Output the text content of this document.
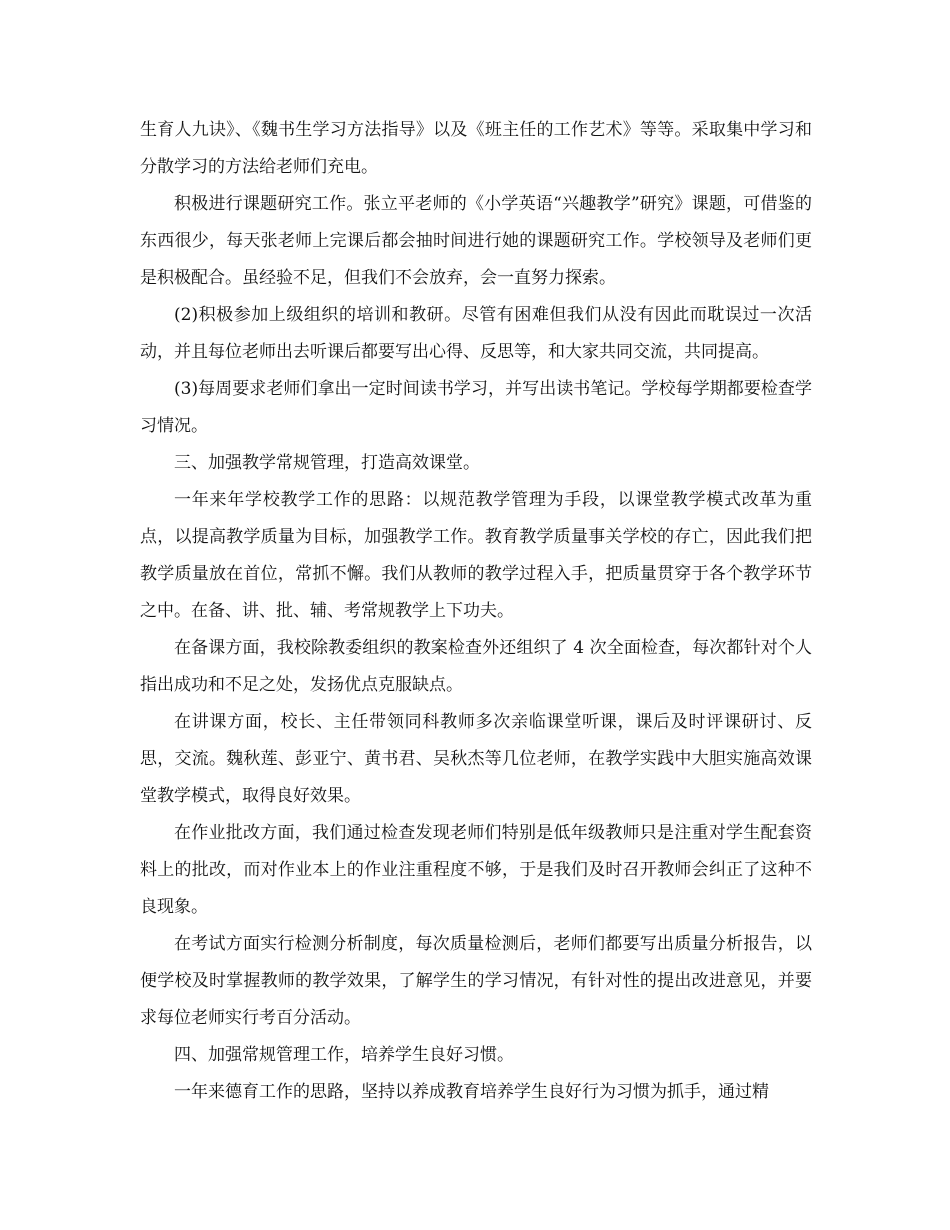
生育人九诀》、《魏书生学习方法指导》以及《班主任的工作艺术》等等。采取集中学习和分散学习的方法给老师们充电。

积极进行课题研究工作。张立平老师的《小学英语“兴趣教学”研究》课题，可借鉴的东西很少，每天张老师上完课后都会抽时间进行她的课题研究工作。学校领导及老师们更是积极配合。虽经验不足，但我们不会放弃，会一直努力探索。

(2)积极参加上级组织的培训和教研。尽管有困难但我们从没有因此而耽误过一次活动，并且每位老师出去听课后都要写出心得、反思等，和大家共同交流，共同提高。

(3)每周要求老师们拿出一定时间读书学习，并写出读书笔记。学校每学期都要检查学习情况。

三、加强教学常规管理，打造高效课堂。

一年来年学校教学工作的思路：以规范教学管理为手段，以课堂教学模式改革为重点，以提高教学质量为目标，加强教学工作。教育教学质量事关学校的存亡，因此我们把教学质量放在首位，常抓不懈。我们从教师的教学过程入手，把质量贯穿于各个教学环节之中。在备、讲、批、辅、考常规教学上下功夫。

在备课方面，我校除教委组织的教案检查外还组织了 4 次全面检查，每次都针对个人指出成功和不足之处，发扬优点克服缺点。

在讲课方面，校长、主任带领同科教师多次亲临课堂听课，课后及时评课研讨、反思，交流。魏秋莲、彭亚宁、黄书君、吴秋杰等几位老师，在教学实践中大胆实施高效课堂教学模式，取得良好效果。

在作业批改方面，我们通过检查发现老师们特别是低年级教师只是注重对学生配套资料上的批改，而对作业本上的作业注重程度不够，于是我们及时召开教师会纠正了这种不良现象。

在考试方面实行检测分析制度，每次质量检测后，老师们都要写出质量分析报告，以便学校及时掌握教师的教学效果，了解学生的学习情况，有针对性的提出改进意见，并要求每位老师实行考百分活动。

四、加强常规管理工作，培养学生良好习惯。

一年来德育工作的思路，坚持以养成教育培养学生良好行为习惯为抓手，通过精
